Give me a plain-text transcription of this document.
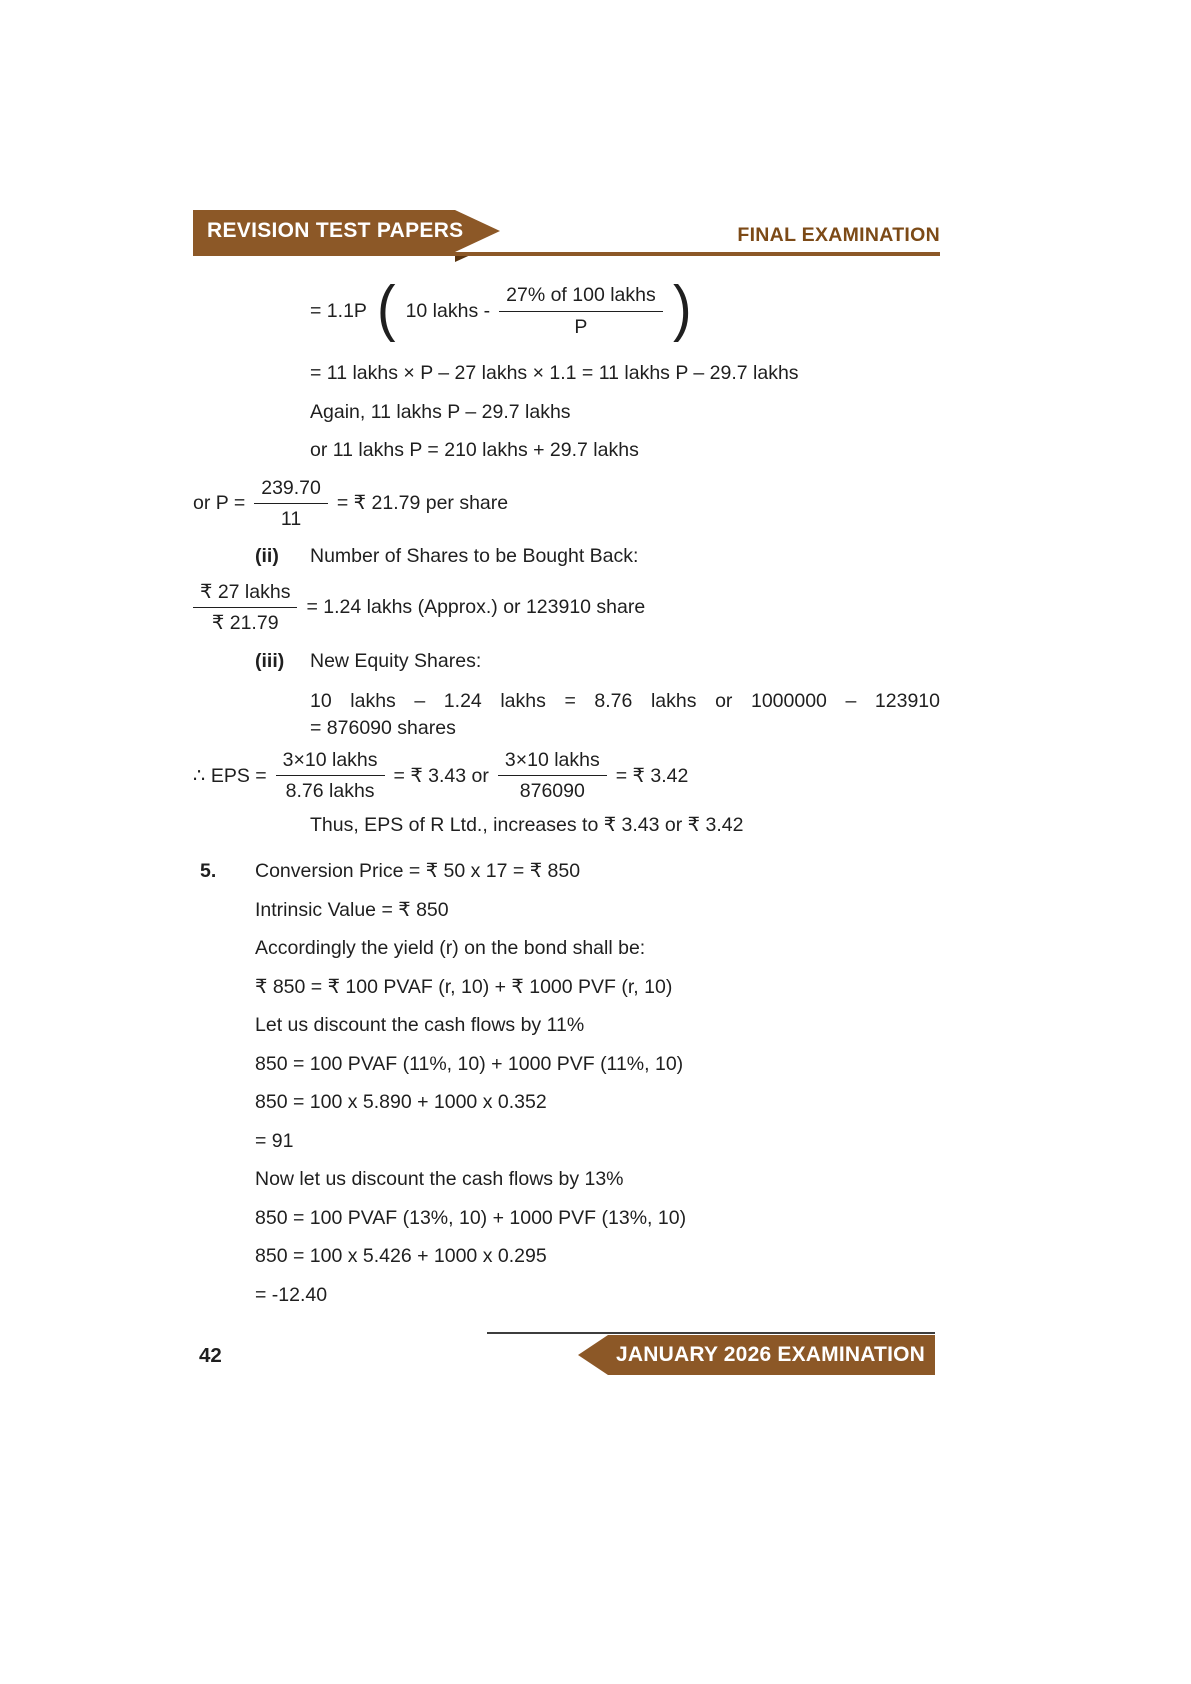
REVISION TEST PAPERS	FINAL EXAMINATION
= 1.1P ( 10 lakhs - $\frac{\text{27\% of 100 lakhs}}{P}$ )
= 11 lakhs × P – 27 lakhs × 1.1 = 11 lakhs P – 29.7 lakhs
Again, 11 lakhs P – 29.7 lakhs
or 11 lakhs P = 210 lakhs + 29.7 lakhs
or $P = \frac{239.70}{11}$ = ₹ 21.79 per share
(ii)	Number of Shares to be Bought Back:
$\frac{\text{₹ 27 lakhs}}{₹ 21.79} = 1.24$ lakhs (Approx.) or 123910 share
(iii)	New Equity Shares:
10 lakhs – 1.24 lakhs = 8.76 lakhs or 1000000 – 123910
= 876090 shares
∴ EPS = $\frac{\text{3×10 lakhs}}{\text{8.76 lakhs}}$ = ₹ 3.43 or $\frac{\text{3×10 lakhs}}{876090}$ = ₹ 3.42
Thus, EPS of R Ltd., increases to ₹ 3.43 or ₹ 3.42
5.	Conversion Price = ₹ 50 x 17 = ₹ 850
Intrinsic Value = ₹ 850
Accordingly the yield (r) on the bond shall be:
₹ 850 = ₹ 100 PVAF (r, 10) + ₹ 1000 PVF (r, 10)
Let us discount the cash flows by 11%
850 = 100 PVAF (11%, 10) + 1000 PVF (11%, 10)
850 = 100 x 5.890 + 1000 x 0.352
= 91
Now let us discount the cash flows by 13%
850 = 100 PVAF (13%, 10) + 1000 PVF (13%, 10)
850 = 100 x 5.426 + 1000 x 0.295
= -12.40
JANUARY 2026 EXAMINATION
42
